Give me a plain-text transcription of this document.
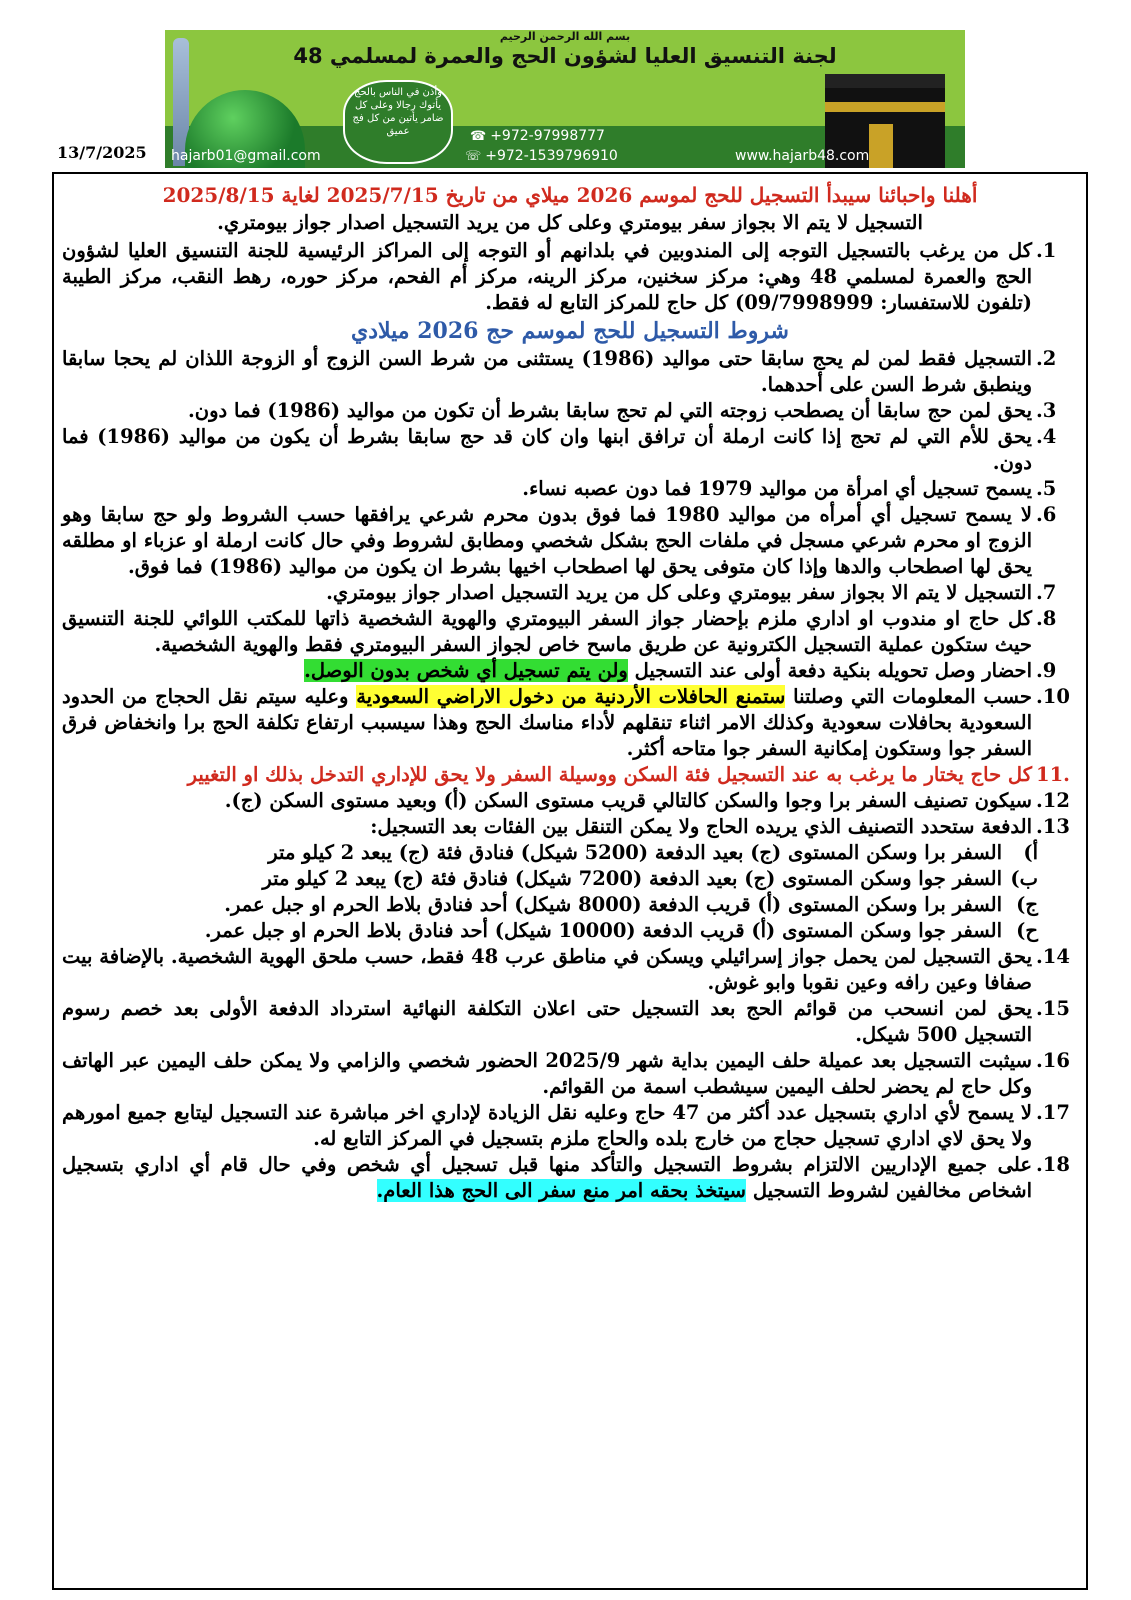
بسم الله الرحمن الرحيم
لجنة التنسيق العليا لشؤون الحج والعمرة لمسلمي 48
وأذن في الناس بالحج يأتوك رجالا وعلى كل ضامر يأتين من كل فج عميق	☎ +972-97998777
☏ +972-1539796910
hajarb01@gmail.com	www.hajarb48.com
13/7/2025
أهلنا واحبائنا سيبدأ التسجيل للحج لموسم 2026 ميلاي من تاريخ 2025/7/15 لغاية 2025/8/15
التسجيل لا يتم الا بجواز سفر بيومتري وعلى كل من يريد التسجيل اصدار جواز بيومتري.
1.
كل من يرغب بالتسجيل التوجه إلى المندوبين في بلدانهم أو التوجه إلى المراكز الرئيسية للجنة التنسيق العليا لشؤون الحج والعمرة لمسلمي 48 وهي: مركز سخنين، مركز الرينه، مركز أم الفحم، مركز حوره، رهط النقب، مركز الطيبة (تلفون للاستفسار: 09/7998999) كل حاج للمركز التابع له فقط.
شروط التسجيل للحج لموسم حج 2026 ميلادي
2.
التسجيل فقط لمن لم يحج سابقا حتى مواليد (1986) يستثنى من شرط السن الزوج أو الزوجة اللذان لم يحجا سابقا وينطبق شرط السن على أحدهما.
3.
يحق لمن حج سابقا أن يصطحب زوجته التي لم تحج سابقا بشرط أن تكون من مواليد (1986) فما دون.
4.
يحق للأم التي لم تحج إذا كانت ارملة أن ترافق ابنها وان كان قد حج سابقا بشرط أن يكون من مواليد (1986) فما دون.
5.
يسمح تسجيل أي امرأة من مواليد 1979 فما دون عصبه نساء.
6.
لا يسمح تسجيل أي أمرأه من مواليد 1980 فما فوق بدون محرم شرعي يرافقها حسب الشروط ولو حج سابقا وهو الزوج او محرم شرعي مسجل في ملفات الحج بشكل شخصي ومطابق لشروط وفي حال كانت ارملة او عزباء او مطلقه يحق لها اصطحاب والدها وإذا كان متوفى يحق لها اصطحاب اخيها بشرط ان يكون من مواليد (1986) فما فوق.
7.
التسجيل لا يتم الا بجواز سفر بيومتري وعلى كل من يريد التسجيل اصدار جواز بيومتري.
8.
كل حاج او مندوب او اداري ملزم بإحضار جواز السفر البيومتري والهوية الشخصية ذاتها للمكتب اللوائي للجنة التنسيق حيث ستكون عملية التسجيل الكترونية عن طريق ماسح خاص لجواز السفر البيومتري فقط والهوية الشخصية.
9.
احضار وصل تحويله بنكية دفعة أولى عند التسجيل ولن يتم تسجيل أي شخص بدون الوصل.
10.
حسب المعلومات التي وصلتنا ستمنع الحافلات الأردنية من دخول الاراضي السعودية وعليه سيتم نقل الحجاج من الحدود السعودية بحافلات سعودية وكذلك الامر اثناء تنقلهم لأداء مناسك الحج وهذا سيسبب ارتفاع تكلفة الحج برا وانخفاض فرق السفر جوا وستكون إمكانية السفر جوا متاحه أكثر.
.11
كل حاج يختار ما يرغب به عند التسجيل فئة السكن ووسيلة السفر ولا يحق للإداري التدخل بذلك او التغيير
12.
سيكون تصنيف السفر برا وجوا والسكن كالتالي قريب مستوى السكن (أ) وبعيد مستوى السكن (ج).
13.
الدفعة ستحدد التصنيف الذي يريده الحاج ولا يمكن التنقل بين الفئات بعد التسجيل:
أ)
السفر برا وسكن المستوى (ج) بعيد الدفعة (5200 شيكل) فنادق فئة (ج) يبعد 2 كيلو متر
ب)
السفر جوا وسكن المستوى (ج) بعيد الدفعة (7200 شيكل) فنادق فئة (ج) يبعد 2 كيلو متر
ج)
السفر برا وسكن المستوى (أ) قريب الدفعة (8000 شيكل) أحد فنادق بلاط الحرم او جبل عمر.
ح)
السفر جوا وسكن المستوى (أ) قريب الدفعة (10000 شيكل) أحد فنادق بلاط الحرم او جبل عمر.
14.
يحق التسجيل لمن يحمل جواز إسرائيلي ويسكن في مناطق عرب 48 فقط، حسب ملحق الهوية الشخصية. بالإضافة بيت صفافا وعين رافه وعين نقوبا وابو غوش.
15.
يحق لمن انسحب من قوائم الحج بعد التسجيل حتى اعلان التكلفة النهائية استرداد الدفعة الأولى بعد خصم رسوم التسجيل 500 شيكل.
16.
سيثبت التسجيل بعد عميلة حلف اليمين بداية شهر 2025/9 الحضور شخصي والزامي ولا يمكن حلف اليمين عبر الهاتف وكل حاج لم يحضر لحلف اليمين سيشطب اسمة من القوائم.
17.
لا يسمح لأي اداري بتسجيل عدد أكثر من 47 حاج وعليه نقل الزيادة لإداري اخر مباشرة عند التسجيل ليتابع جميع امورهم ولا يحق لاي اداري تسجيل حجاج من خارج بلده والحاج ملزم بتسجيل في المركز التابع له.
18.
على جميع الإداريين الالتزام بشروط التسجيل والتأكد منها قبل تسجيل أي شخص وفي حال قام أي اداري بتسجيل اشخاص مخالفين لشروط التسجيل سيتخذ بحقه امر منع سفر الى الحج هذا العام.
